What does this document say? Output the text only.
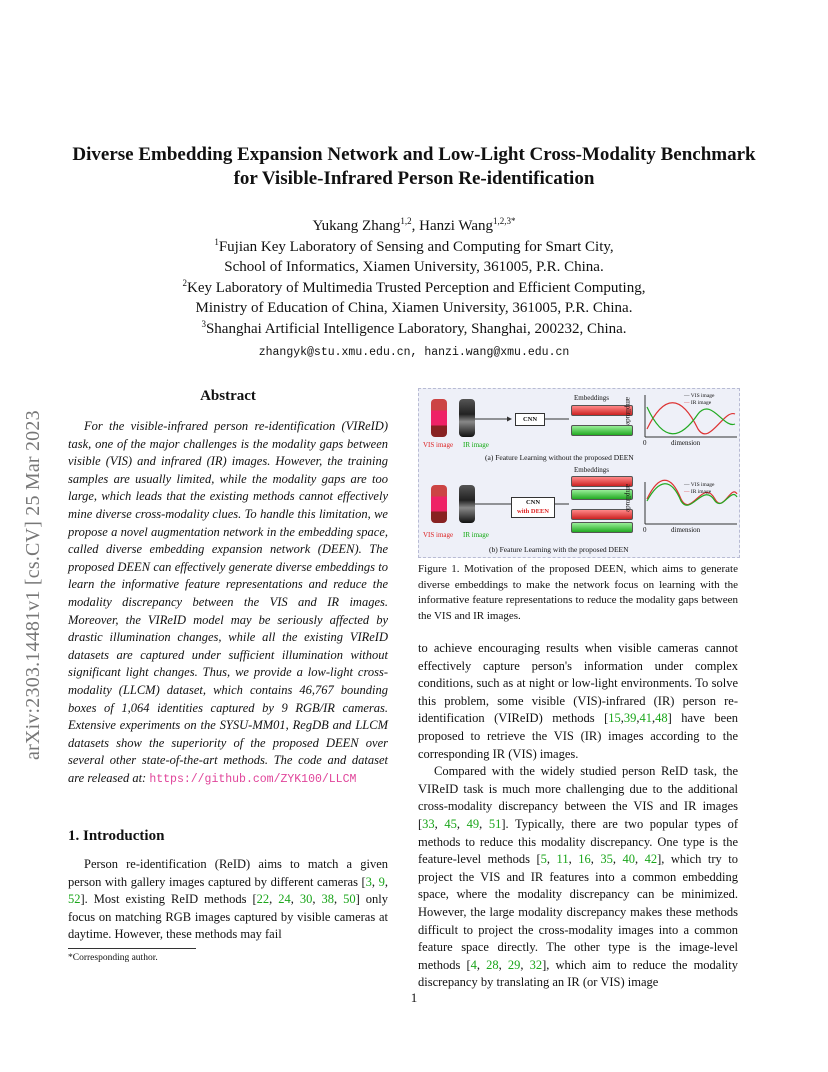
arXiv:2303.14481v1 [cs.CV] 25 Mar 2023
Diverse Embedding Expansion Network and Low-Light Cross-Modality Benchmark for Visible-Infrared Person Re-identification
Yukang Zhang$^{1,2}$, Hanzi Wang$^{1,2,3*}$
$^1$Fujian Key Laboratory of Sensing and Computing for Smart City,
School of Informatics, Xiamen University, 361005, P.R. China.
$^2$Key Laboratory of Multimedia Trusted Perception and Efficient Computing,
Ministry of Education of China, Xiamen University, 361005, P.R. China.
$^3$Shanghai Artificial Intelligence Laboratory, Shanghai, 200232, China.
zhangyk@stu.xmu.edu.cn, hanzi.wang@xmu.edu.cn
Abstract
For the visible-infrared person re-identification (VIReID) task, one of the major challenges is the modality gaps between visible (VIS) and infrared (IR) images. However, the training samples are usually limited, while the modality gaps are too large, which leads that the existing methods cannot effectively mine diverse cross-modality clues. To handle this limitation, we propose a novel augmentation network in the embedding space, called diverse embedding expansion network (DEEN). The proposed DEEN can effectively generate diverse embeddings to learn the informative feature representations and reduce the modality discrepancy between the VIS and IR images. Moreover, the VIReID model may be seriously affected by drastic illumination changes, while all the existing VIReID datasets are captured under sufficient illumination without significant light changes. Thus, we provide a low-light cross-modality (LLCM) dataset, which contains 46,767 bounding boxes of 1,064 identities captured by 9 RGB/IR cameras. Extensive experiments on the SYSU-MM01, RegDB and LLCM datasets show the superiority of the proposed DEEN over several other state-of-the-art methods. The code and dataset are released at: https://github.com/ZYK100/LLCM
1. Introduction
Person re-identification (ReID) aims to match a given person with gallery images captured by different cameras [3, 9, 52]. Most existing ReID methods [22, 24, 30, 38, 50] only focus on matching RGB images captured by visible cameras at daytime. However, these methods may fail
*Corresponding author.
1
VIS image IR image
CNN
Embeddings amplitude
0	dimension
— VIS image
— IR image
(a) Feature Learning without the proposed DEEN
VIS image IR image
CNN
with DEEN
Embeddings
amplitude
0	dimension
— VIS image
— IR image
(b) Feature Learning with the proposed DEEN
Figure 1. Motivation of the proposed DEEN, which aims to generate diverse embeddings to make the network focus on learning with the informative feature representations to reduce the modality gaps between the VIS and IR images.

to achieve encouraging results when visible cameras cannot effectively capture person's information under complex conditions, such as at night or low-light environments. To solve this problem, some visible (VIS)-infrared (IR) person re-identification (VIReID) methods [15,39,41,48] have been proposed to retrieve the VIS (IR) images according to the corresponding IR (VIS) images.

Compared with the widely studied person ReID task, the VIReID task is much more challenging due to the additional cross-modality discrepancy between the VIS and IR images [33, 45, 49, 51]. Typically, there are two popular types of methods to reduce this modality discrepancy. One type is the feature-level methods [5, 11, 16, 35, 40, 42], which try to project the VIS and IR features into a common embedding space, where the modality discrepancy can be minimized. However, the large modality discrepancy makes these methods difficult to project the cross-modality images into a common feature space directly. The other type is the image-level methods [4, 28, 29, 32], which aim to reduce the modality discrepancy by translating an IR (or VIS) image
